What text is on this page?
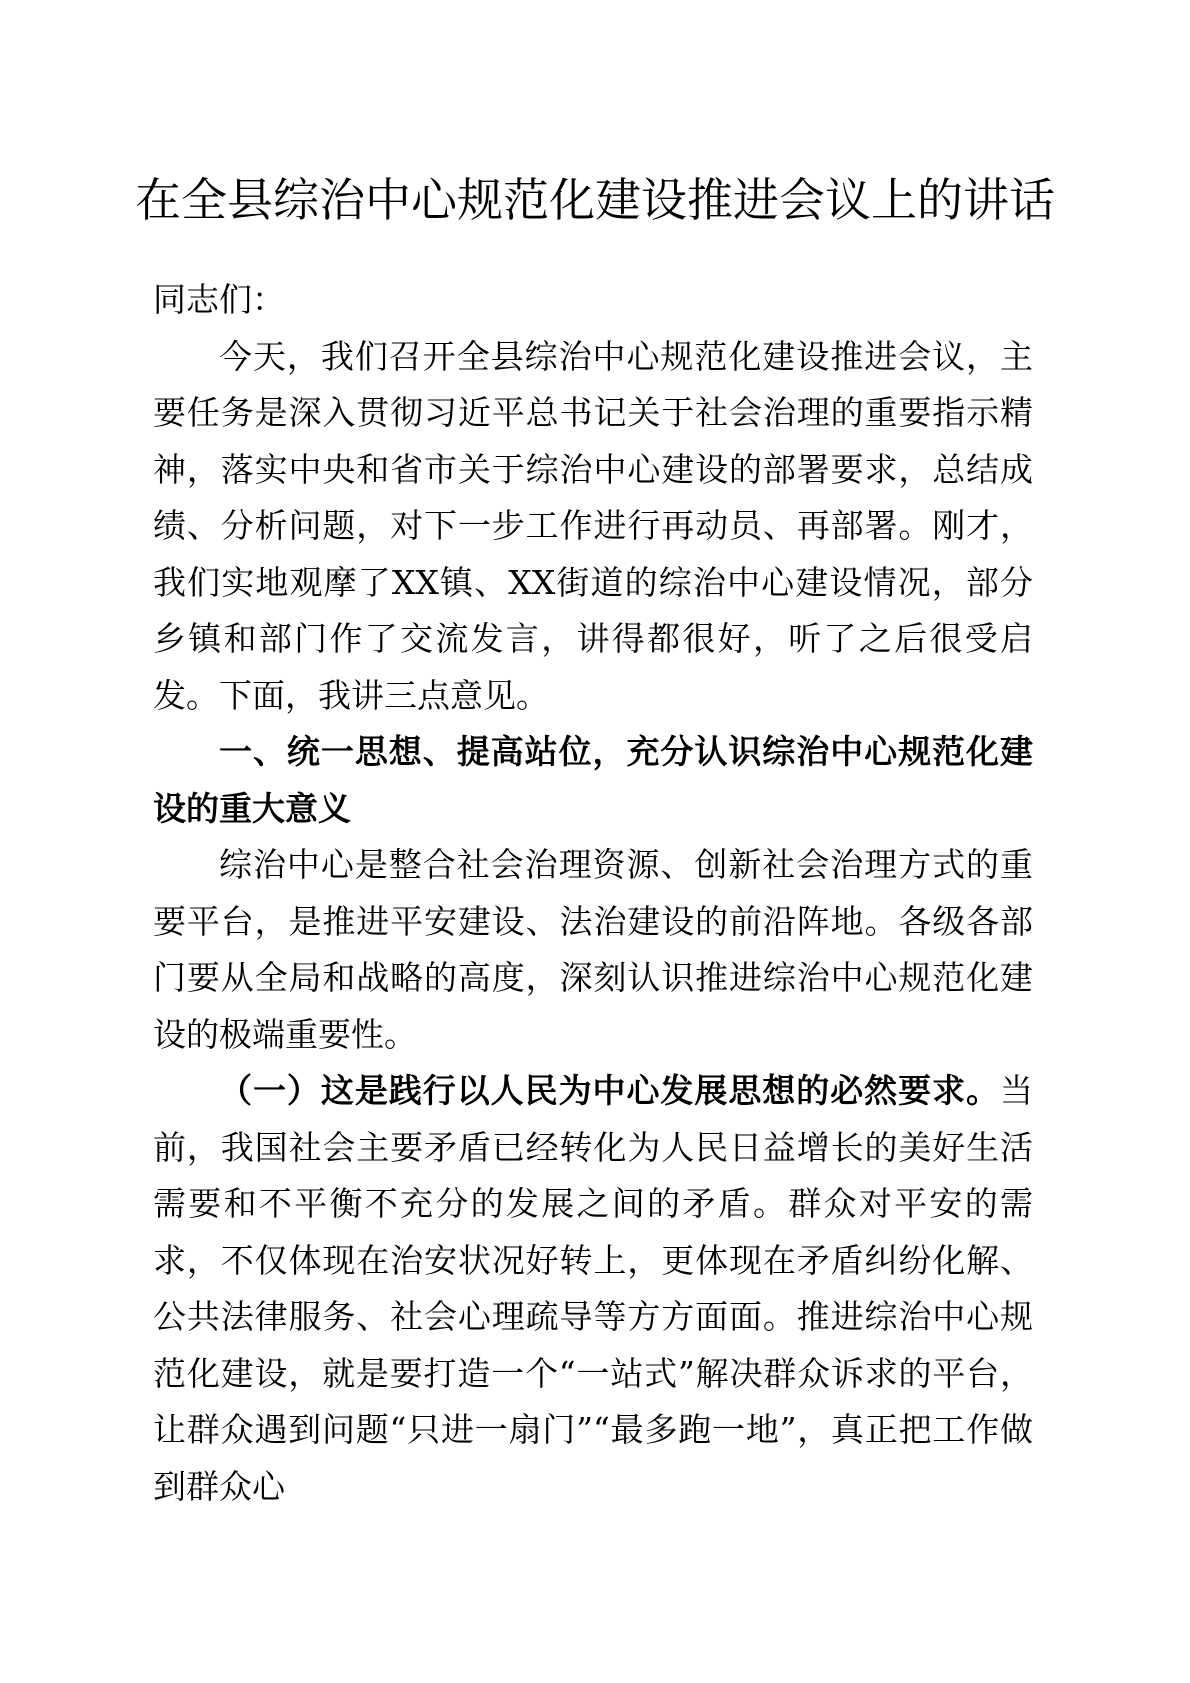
在全县综治中心规范化建设推进会议上的讲话

同志们：

今天，我们召开全县综治中心规范化建设推进会议，主要任务是深入贯彻习近平总书记关于社会治理的重要指示精神，落实中央和省市关于综治中心建设的部署要求，总结成绩、分析问题，对下一步工作进行再动员、再部署。刚才，我们实地观摩了XX镇、XX街道的综治中心建设情况，部分乡镇和部门作了交流发言，讲得都很好，听了之后很受启发。下面，我讲三点意见。

一、统一思想、提高站位，充分认识综治中心规范化建设的重大意义

综治中心是整合社会治理资源、创新社会治理方式的重要平台，是推进平安建设、法治建设的前沿阵地。各级各部门要从全局和战略的高度，深刻认识推进综治中心规范化建设的极端重要性。

（一）这是践行以人民为中心发展思想的必然要求。当前，我国社会主要矛盾已经转化为人民日益增长的美好生活需要和不平衡不充分的发展之间的矛盾。群众对平安的需求，不仅体现在治安状况好转上，更体现在矛盾纠纷化解、公共法律服务、社会心理疏导等方方面面。推进综治中心规范化建设，就是要打造一个“一站式”解决群众诉求的平台，让群众遇到问题“只进一扇门”“最多跑一地”，真正把工作做到群众心
